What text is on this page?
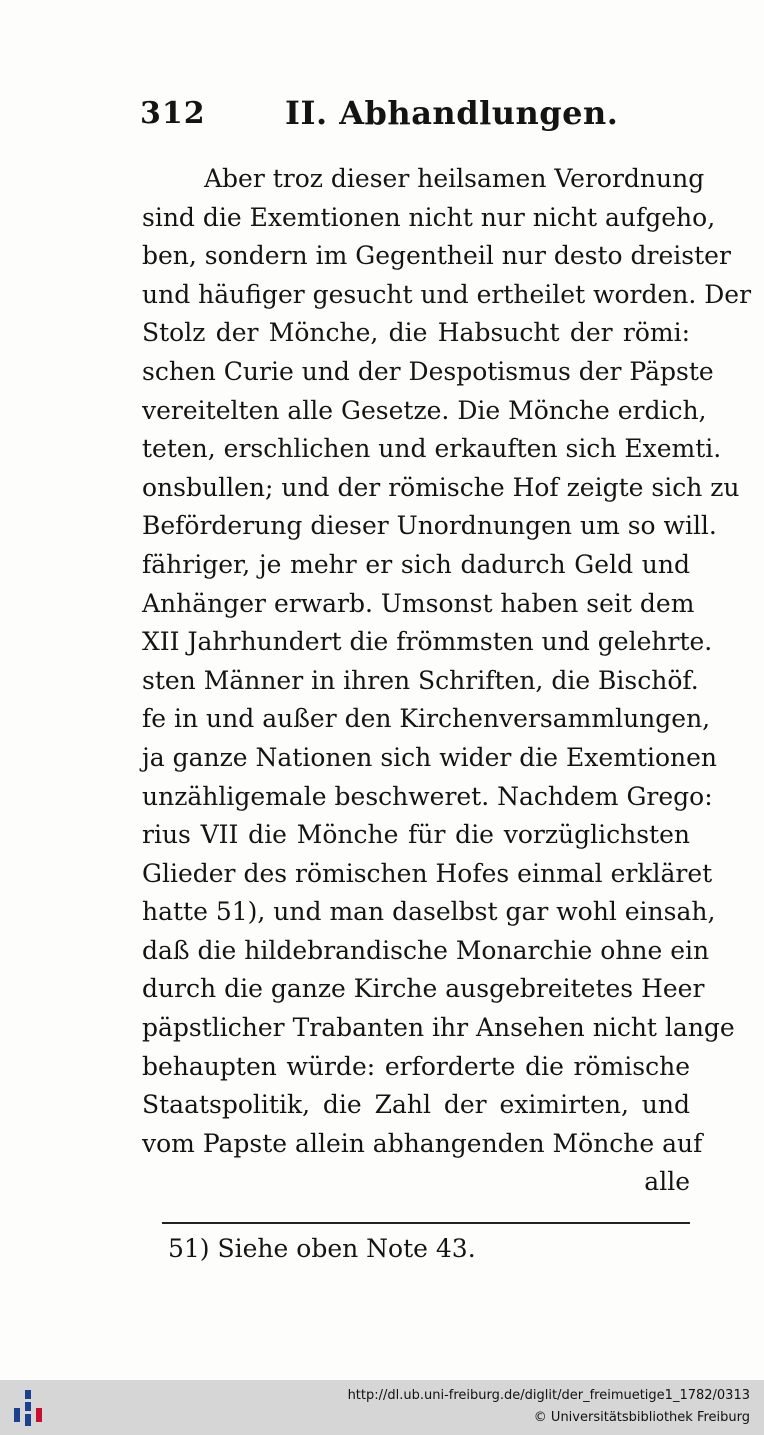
312 II. Abhandlungen.
Aber troz dieser heilsamen Verordnung
sind die Exemtionen nicht nur nicht aufgeho,
ben, sondern im Gegentheil nur desto dreister
und häufiger gesucht und ertheilet worden. Der
Stolz der Mönche, die Habsucht der römi:
schen Curie und der Despotismus der Päpste
vereitelten alle Gesetze. Die Mönche erdich,
teten, erschlichen und erkauften sich Exemti.
onsbullen; und der römische Hof zeigte sich zu
Beförderung dieser Unordnungen um so will.
fähriger, je mehr er sich dadurch Geld und
Anhänger erwarb. Umsonst haben seit dem
XII Jahrhundert die frömmsten und gelehrte.
sten Männer in ihren Schriften, die Bischöf.
fe in und außer den Kirchenversammlungen,
ja ganze Nationen sich wider die Exemtionen
unzähligemale beschweret. Nachdem Grego:
rius VII die Mönche für die vorzüglichsten
Glieder des römischen Hofes einmal erkläret
hatte 51), und man daselbst gar wohl einsah,
daß die hildebrandische Monarchie ohne ein
durch die ganze Kirche ausgebreitetes Heer
päpstlicher Trabanten ihr Ansehen nicht lange
behaupten würde: erforderte die römische
Staatspolitik, die Zahl der eximirten, und
vom Papste allein abhangenden Mönche auf
alle
51) Siehe oben Note 43.
http://dl.ub.uni-freiburg.de/diglit/der_freimuetige1_1782/0313
© Universitätsbibliothek Freiburg
